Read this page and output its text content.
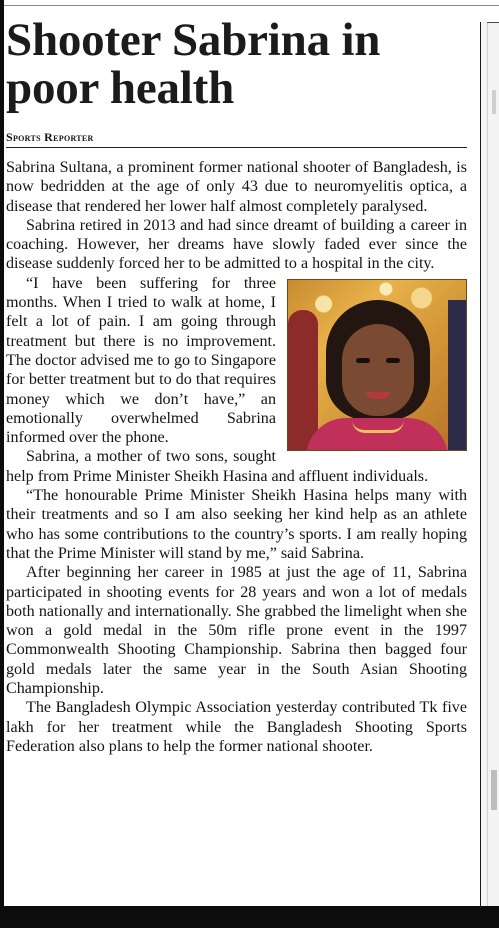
Shooter Sabrina in poor health
Sports Reporter

Sabrina Sultana, a prominent former national shooter of Bangladesh, is now bedridden at the age of only 43 due to neuromyelitis optica, a disease that rendered her lower half almost completely paralysed.

Sabrina retired in 2013 and had since dreamt of building a career in coaching. However, her dreams have slowly faded ever since the disease suddenly forced her to be admitted to a hospital in the city.

“I have been suffering for three months. When I tried to walk at home, I felt a lot of pain. I am going through treatment but there is no improvement. The doctor advised me to go to Singapore for better treatment but to do that requires money which we don’t have,” an emotionally overwhelmed Sabrina informed over the phone.

Sabrina, a mother of two sons, sought help from Prime Minister Sheikh Hasina and affluent individuals.

“The honourable Prime Minister Sheikh Hasina helps many with their treatments and so I am also seeking her kind help as an athlete who has some contributions to the country’s sports. I am really hoping that the Prime Minister will stand by me,” said Sabrina.

After beginning her career in 1985 at just the age of 11, Sabrina participated in shooting events for 28 years and won a lot of medals both nationally and internationally. She grabbed the limelight when she won a gold medal in the 50m rifle prone event in the 1997 Commonwealth Shooting Championship. Sabrina then bagged four gold medals later the same year in the South Asian Shooting Championship.

The Bangladesh Olympic Association yesterday contributed Tk five lakh for her treatment while the Bangladesh Shooting Sports Federation also plans to help the former national shooter.
